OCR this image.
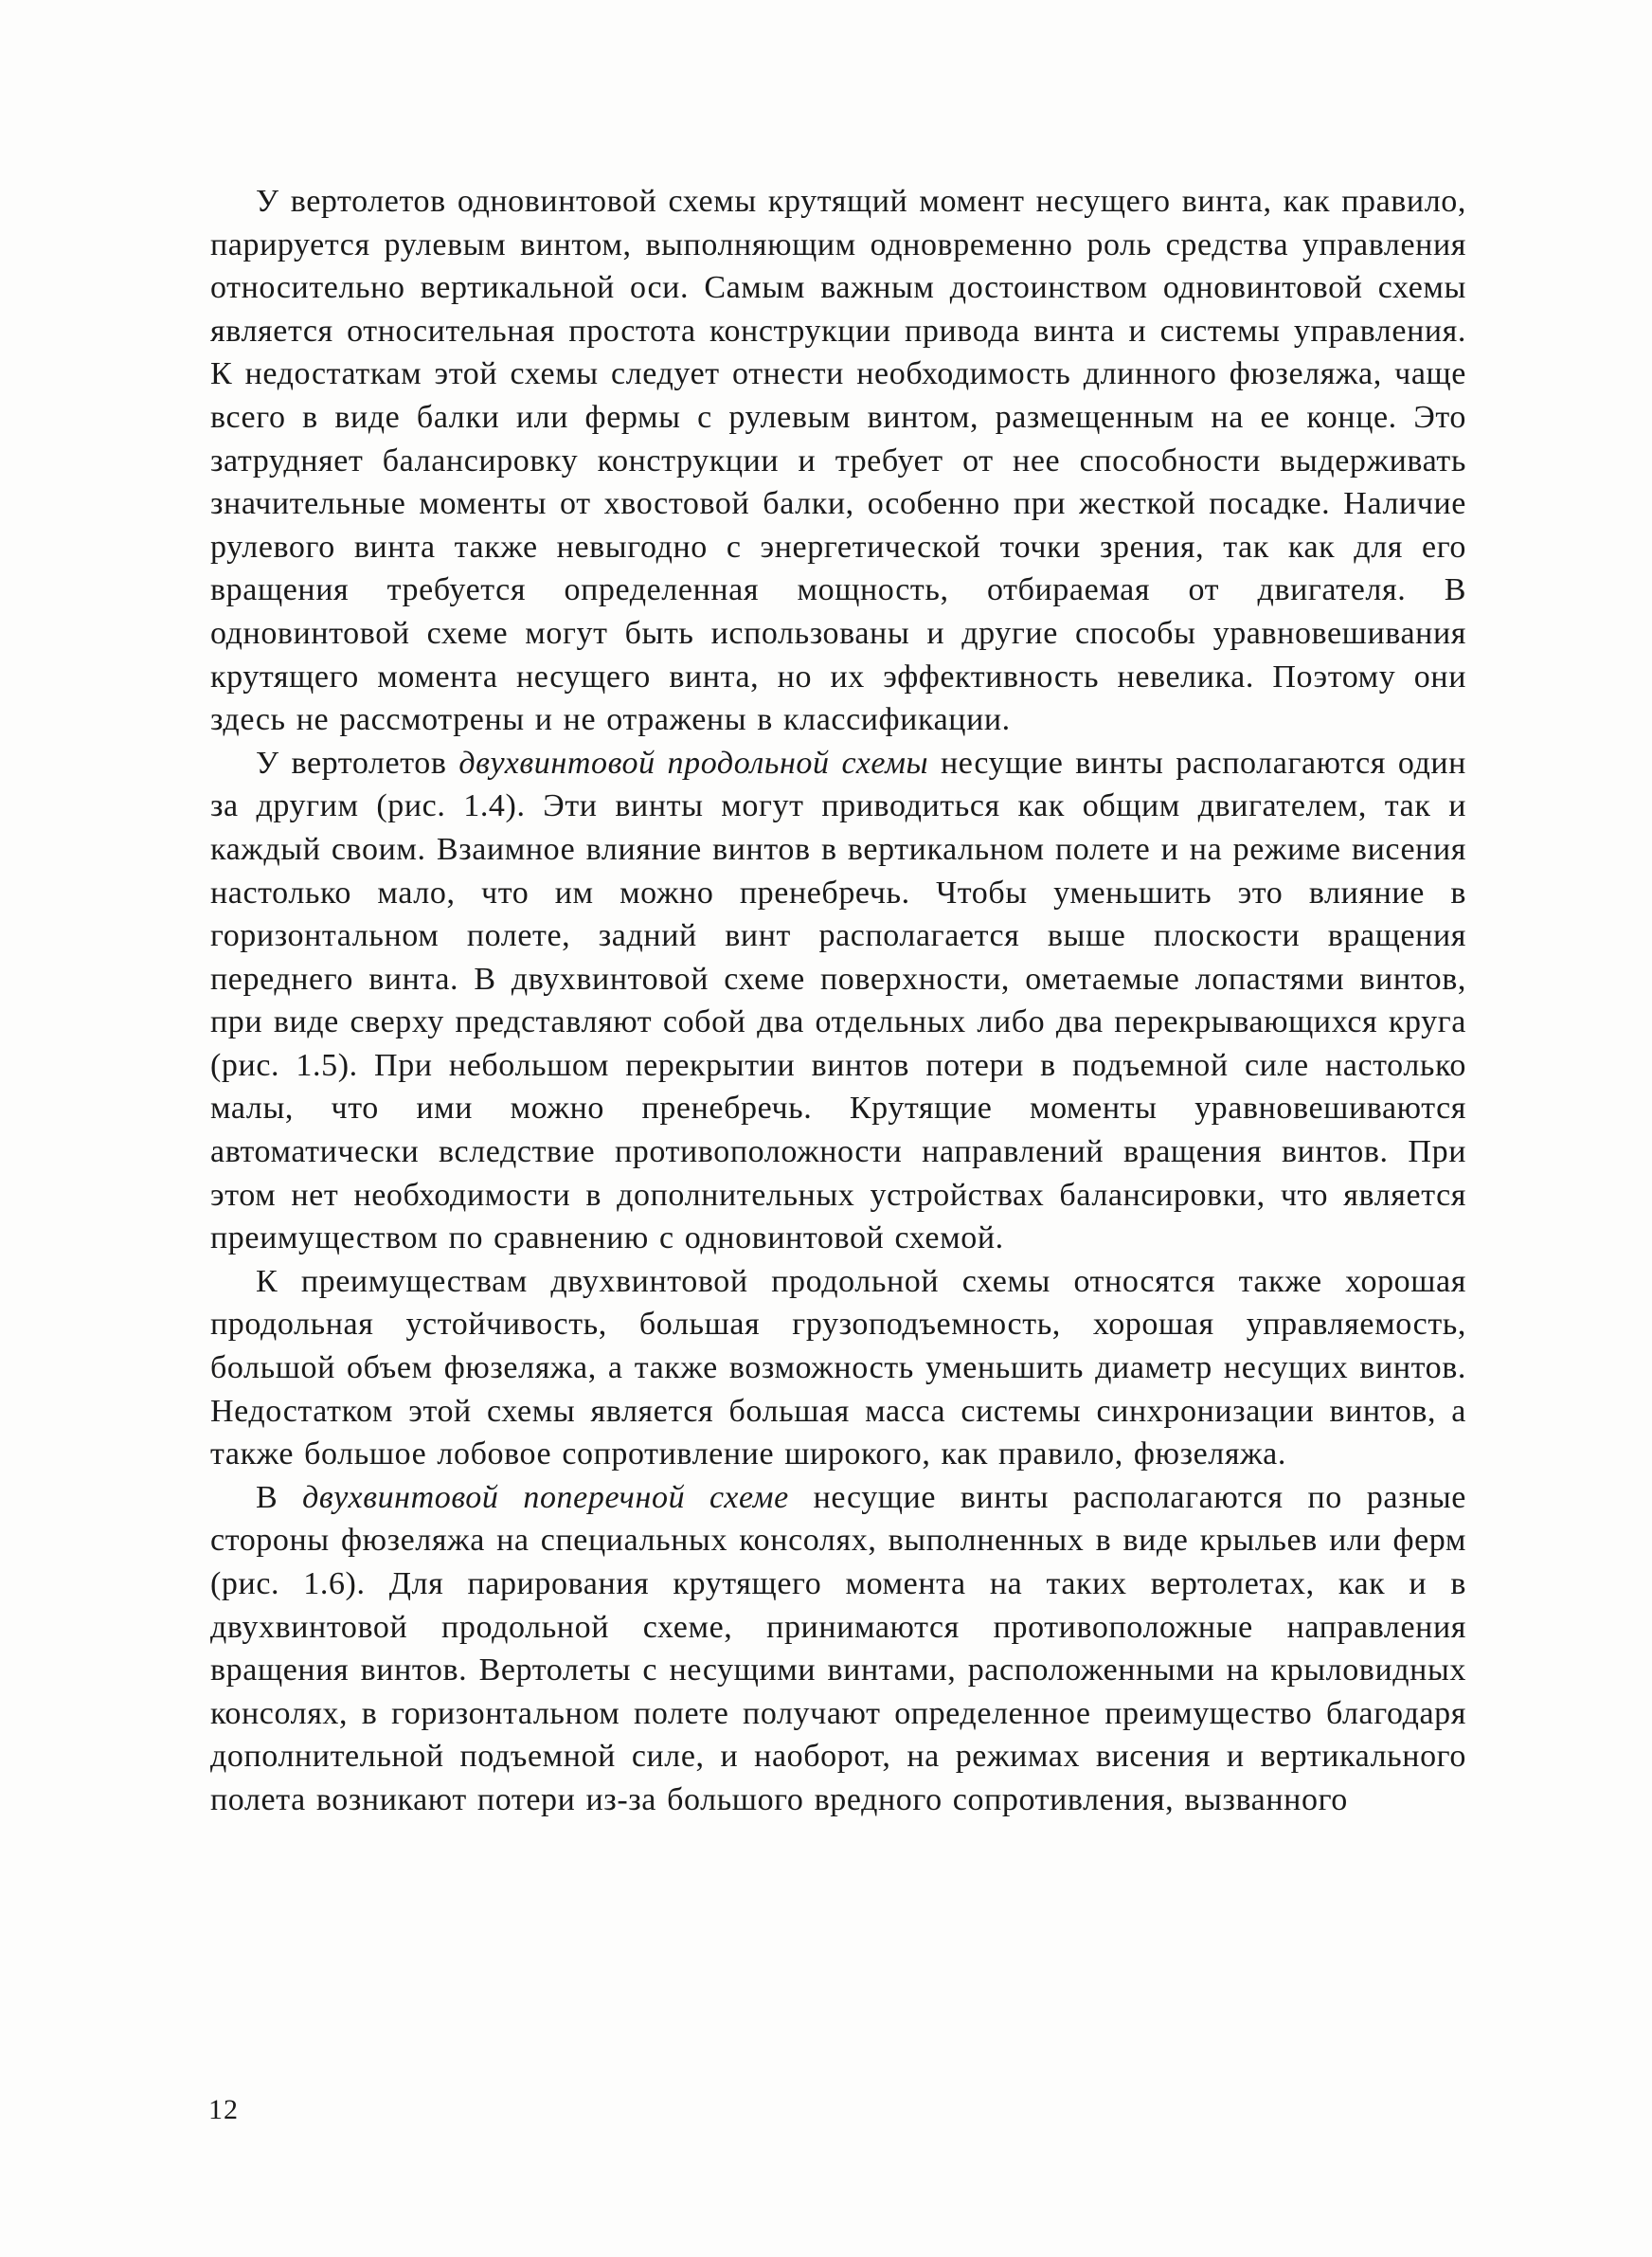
У вертолетов одновинтовой схемы крутящий момент несущего винта, как правило, парируется рулевым винтом, выполняющим одновременно роль средства управления относительно вертикальной оси. Самым важным достоинством одновинтовой схемы является относительная простота конструкции привода винта и системы управления. К недостаткам этой схемы следует отнести необходимость длинного фюзеляжа, чаще всего в виде балки или фермы с рулевым винтом, размещенным на ее конце. Это затрудняет балансировку конструкции и требует от нее способности выдерживать значительные моменты от хвостовой балки, особенно при жесткой посадке. Наличие рулевого винта также невыгодно с энергетической точки зрения, так как для его вращения требуется определенная мощность, отбираемая от двигателя. В одновинтовой схеме могут быть использованы и другие способы уравновешивания крутящего момента несущего винта, но их эффективность невелика. Поэтому они здесь не рассмотрены и не отражены в классификации.

У вертолетов двухвинтовой продольной схемы несущие винты располагаются один за другим (рис. 1.4). Эти винты могут приводиться как общим двигателем, так и каждый своим. Взаимное влияние винтов в вертикальном полете и на режиме висения настолько мало, что им можно пренебречь. Чтобы уменьшить это влияние в горизонтальном полете, задний винт располагается выше плоскости вращения переднего винта. В двухвинтовой схеме поверхности, ометаемые лопастями винтов, при виде сверху представляют собой два отдельных либо два перекрывающихся круга (рис. 1.5). При небольшом перекрытии винтов потери в подъемной силе настолько малы, что ими можно пренебречь. Крутящие моменты уравновешиваются автоматически вследствие противоположности направлений вращения винтов. При этом нет необходимости в дополнительных устройствах балансировки, что является преимуществом по сравнению с одновинтовой схемой.

К преимуществам двухвинтовой продольной схемы относятся также хорошая продольная устойчивость, большая грузоподъемность, хорошая управляемость, большой объем фюзеляжа, а также возможность уменьшить диаметр несущих винтов. Недостатком этой схемы является большая масса системы синхронизации винтов, а также большое лобовое сопротивление широкого, как правило, фюзеляжа.

В двухвинтовой поперечной схеме несущие винты располагаются по разные стороны фюзеляжа на специальных консолях, выполненных в виде крыльев или ферм (рис. 1.6). Для парирования крутящего момента на таких вертолетах, как и в двухвинтовой продольной схеме, принимаются противоположные направления вращения винтов. Вертолеты с несущими винтами, расположенными на крыловидных консолях, в горизонтальном полете получают определенное преимущество благодаря дополнительной подъемной силе, и наоборот, на режимах висения и вертикального полета возникают потери из-за большого вредного сопротивления, вызванного

12
